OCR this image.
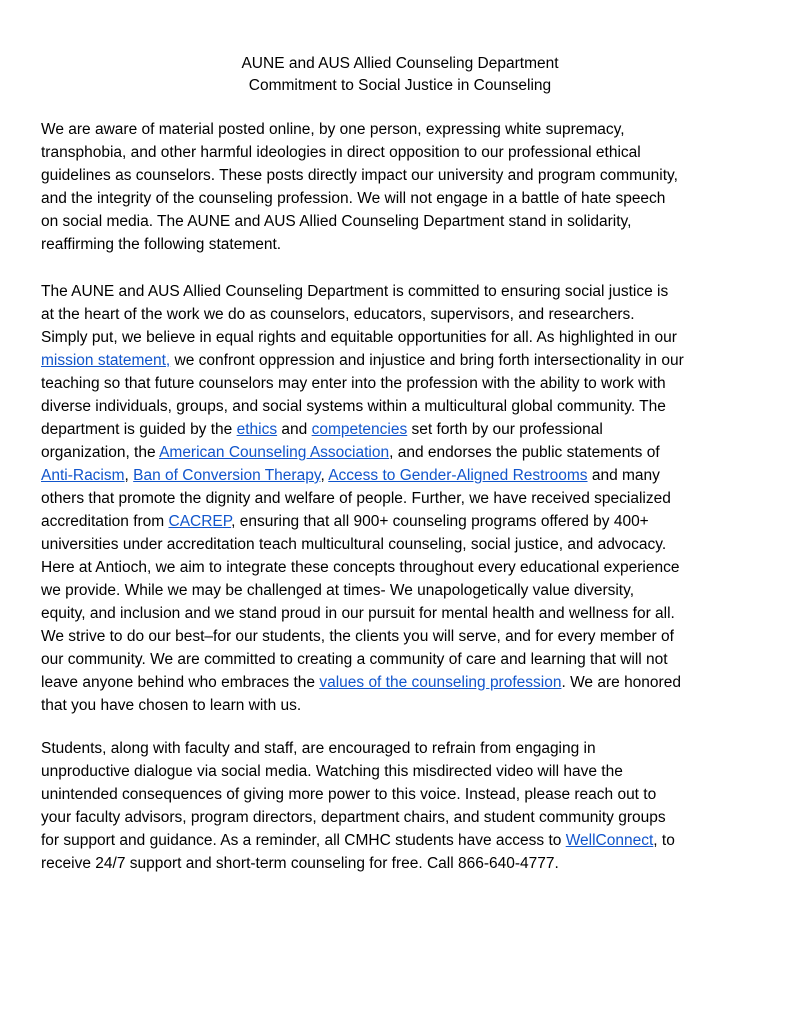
AUNE and AUS Allied Counseling Department

Commitment to Social Justice in Counseling

We are aware of material posted online, by one person, expressing white supremacy,
transphobia, and other harmful ideologies in direct opposition to our professional ethical
guidelines as counselors. These posts directly impact our university and program community,
and the integrity of the counseling profession. We will not engage in a battle of hate speech
on social media. The AUNE and AUS Allied Counseling Department stand in solidarity,
reaffirming the following statement.
The AUNE and AUS Allied Counseling Department is committed to ensuring social justice is
at the heart of the work we do as counselors, educators, supervisors, and researchers.
Simply put, we believe in equal rights and equitable opportunities for all. As highlighted in our
mission statement, we confront oppression and injustice and bring forth intersectionality in our
teaching so that future counselors may enter into the profession with the ability to work with
diverse individuals, groups, and social systems within a multicultural global community. The
department is guided by the ethics and competencies set forth by our professional
organization, the American Counseling Association, and endorses the public statements of
Anti-Racism, Ban of Conversion Therapy, Access to Gender-Aligned Restrooms and many
others that promote the dignity and welfare of people. Further, we have received specialized
accreditation from CACREP, ensuring that all 900+ counseling programs offered by 400+
universities under accreditation teach multicultural counseling, social justice, and advocacy.
Here at Antioch, we aim to integrate these concepts throughout every educational experience
we provide. While we may be challenged at times- We unapologetically value diversity,
equity, and inclusion and we stand proud in our pursuit for mental health and wellness for all.
We strive to do our best–for our students, the clients you will serve, and for every member of
our community. We are committed to creating a community of care and learning that will not
leave anyone behind who embraces the values of the counseling profession. We are honored
that you have chosen to learn with us.
Students, along with faculty and staff, are encouraged to refrain from engaging in
unproductive dialogue via social media. Watching this misdirected video will have the
unintended consequences of giving more power to this voice. Instead, please reach out to
your faculty advisors, program directors, department chairs, and student community groups
for support and guidance. As a reminder, all CMHC students have access to WellConnect, to
receive 24/7 support and short-term counseling for free. Call 866-640-4777.
